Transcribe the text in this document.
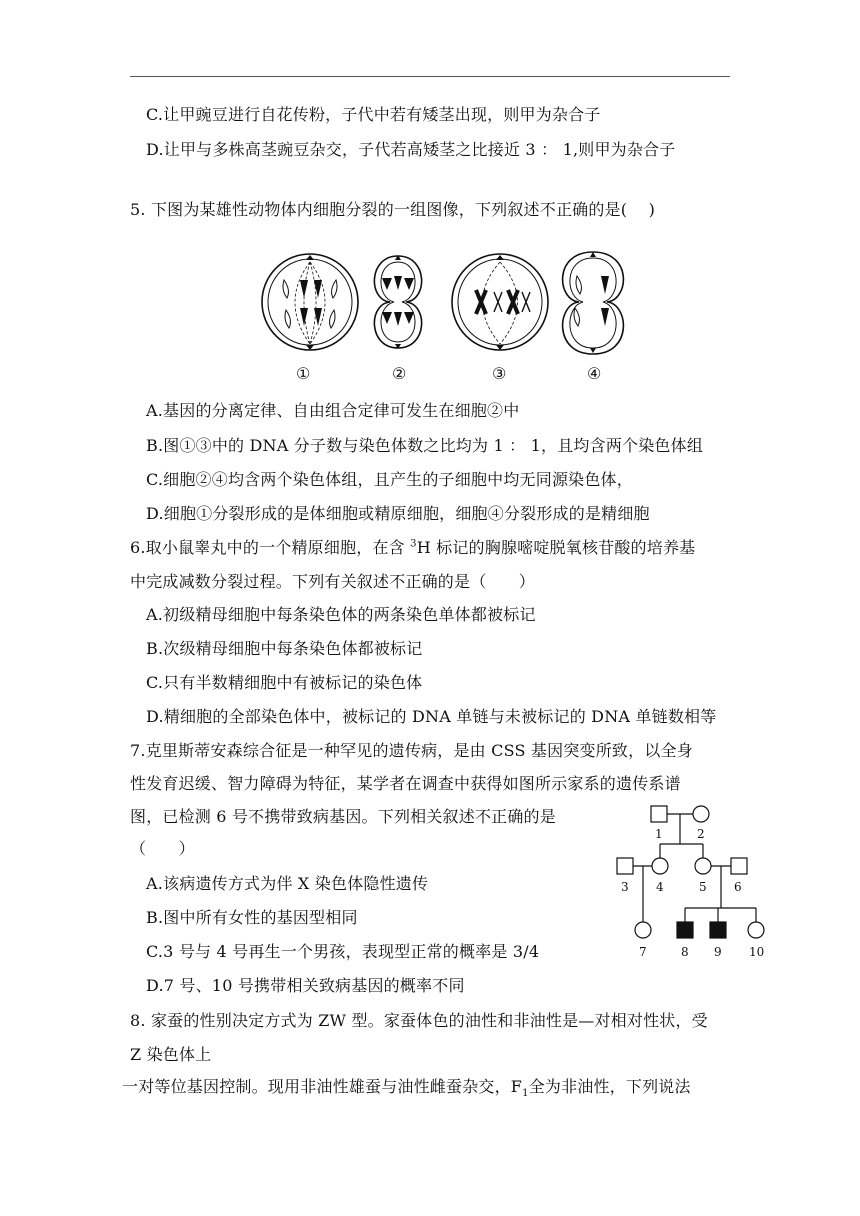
C.让甲豌豆进行自花传粉，子代中若有矮茎出现，则甲为杂合子
D.让甲与多株高茎豌豆杂交，子代若高矮茎之比接近 3 ： 1,则甲为杂合子
5. 下图为某雄性动物体内细胞分裂的一组图像，下列叙述不正确的是(　 )
①	②	③	④
A.基因的分离定律、自由组合定律可发生在细胞②中
B.图①③中的 DNA 分子数与染色体数之比均为 1 ： 1，且均含两个染色体组
C.细胞②④均含两个染色体组，且产生的子细胞中均无同源染色体，
D.细胞①分裂形成的是体细胞或精原细胞，细胞④分裂形成的是精细胞
6.取小鼠睾丸中的一个精原细胞，在含 $^3$H 标记的胸腺嘧啶脱氧核苷酸的培养基
中完成减数分裂过程。下列有关叙述不正确的是（　　）
A.初级精母细胞中每条染色体的两条染色单体都被标记
B.次级精母细胞中每条染色体都被标记
C.只有半数精细胞中有被标记的染色体
D.精细胞的全部染色体中，被标记的 DNA 单链与未被标记的 DNA 单链数相等
7.克里斯蒂安森综合征是一种罕见的遗传病，是由 CSS 基因突变所致，以全身
性发育迟缓、智力障碍为特征，某学者在调查中获得如图所示家系的遗传系谱
图，已检测 6 号不携带致病基因。下列相关叙述不正确的是
（　　）
A.该病遗传方式为伴 X 染色体隐性遗传
B.图中所有女性的基因型相同
C.3 号与 4 号再生一个男孩，表现型正常的概率是 3/4
D.7 号、10 号携带相关致病基因的概率不同
1	2
3 4	5 6
7	8 9 10
8. 家蚕的性别决定方式为 ZW 型。家蚕体色的油性和非油性是—对相对性状，受
Z 染色体上
一对等位基因控制。现用非油性雄蚕与油性雌蚕杂交，$F_1$全为非油性，下列说法
